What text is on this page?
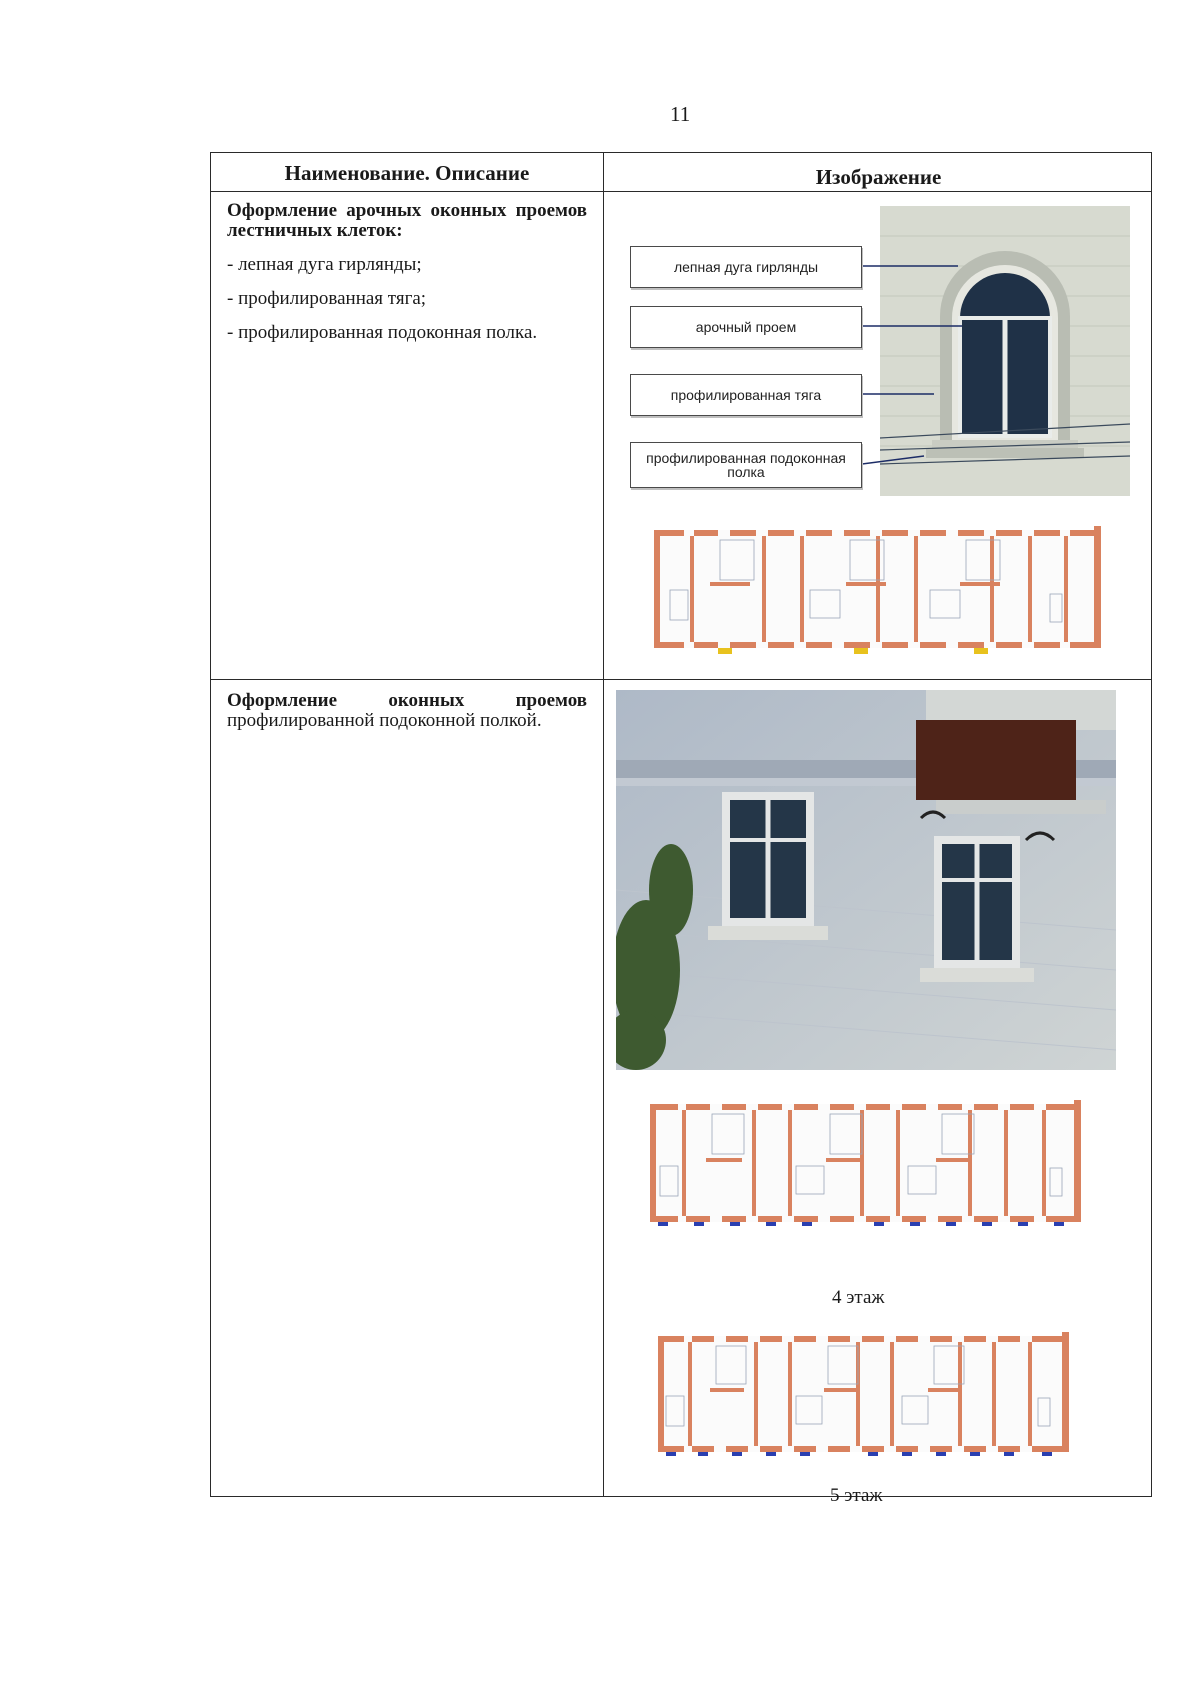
11
Наименование. Описание	Изображение
Оформление арочных оконных проемов лестничных клеток:
- лепная дуга гирлянды;
- профилированная тяга;
- профилированная подоконная полка.
Оформление оконных проемов профилированной подоконной полкой.
лепная дуга гирлянды
арочный проем
профилированная тяга
профилированная подоконная полка
4 этаж
5 этаж
